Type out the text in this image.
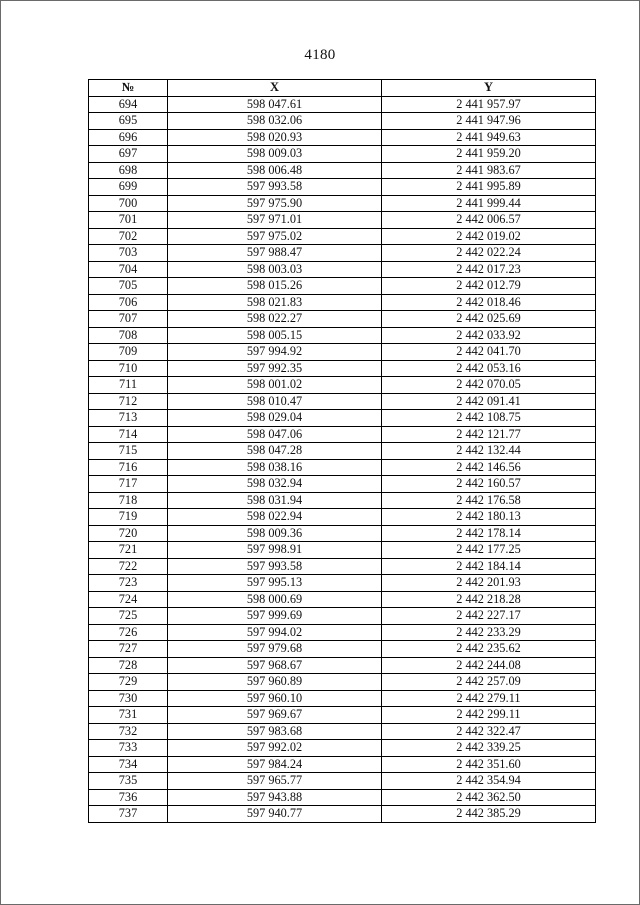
4180
№	X	Y
694	598 047.61	2 441 957.97
695	598 032.06	2 441 947.96
696	598 020.93	2 441 949.63
697	598 009.03	2 441 959.20
698	598 006.48	2 441 983.67
699	597 993.58	2 441 995.89
700	597 975.90	2 441 999.44
701	597 971.01	2 442 006.57
702	597 975.02	2 442 019.02
703	597 988.47	2 442 022.24
704	598 003.03	2 442 017.23
705	598 015.26	2 442 012.79
706	598 021.83	2 442 018.46
707	598 022.27	2 442 025.69
708	598 005.15	2 442 033.92
709	597 994.92	2 442 041.70
710	597 992.35	2 442 053.16
711	598 001.02	2 442 070.05
712	598 010.47	2 442 091.41
713	598 029.04	2 442 108.75
714	598 047.06	2 442 121.77
715	598 047.28	2 442 132.44
716	598 038.16	2 442 146.56
717	598 032.94	2 442 160.57
718	598 031.94	2 442 176.58
719	598 022.94	2 442 180.13
720	598 009.36	2 442 178.14
721	597 998.91	2 442 177.25
722	597 993.58	2 442 184.14
723	597 995.13	2 442 201.93
724	598 000.69	2 442 218.28
725	597 999.69	2 442 227.17
726	597 994.02	2 442 233.29
727	597 979.68	2 442 235.62
728	597 968.67	2 442 244.08
729	597 960.89	2 442 257.09
730	597 960.10	2 442 279.11
731	597 969.67	2 442 299.11
732	597 983.68	2 442 322.47
733	597 992.02	2 442 339.25
734	597 984.24	2 442 351.60
735	597 965.77	2 442 354.94
736	597 943.88	2 442 362.50
737	597 940.77	2 442 385.29
